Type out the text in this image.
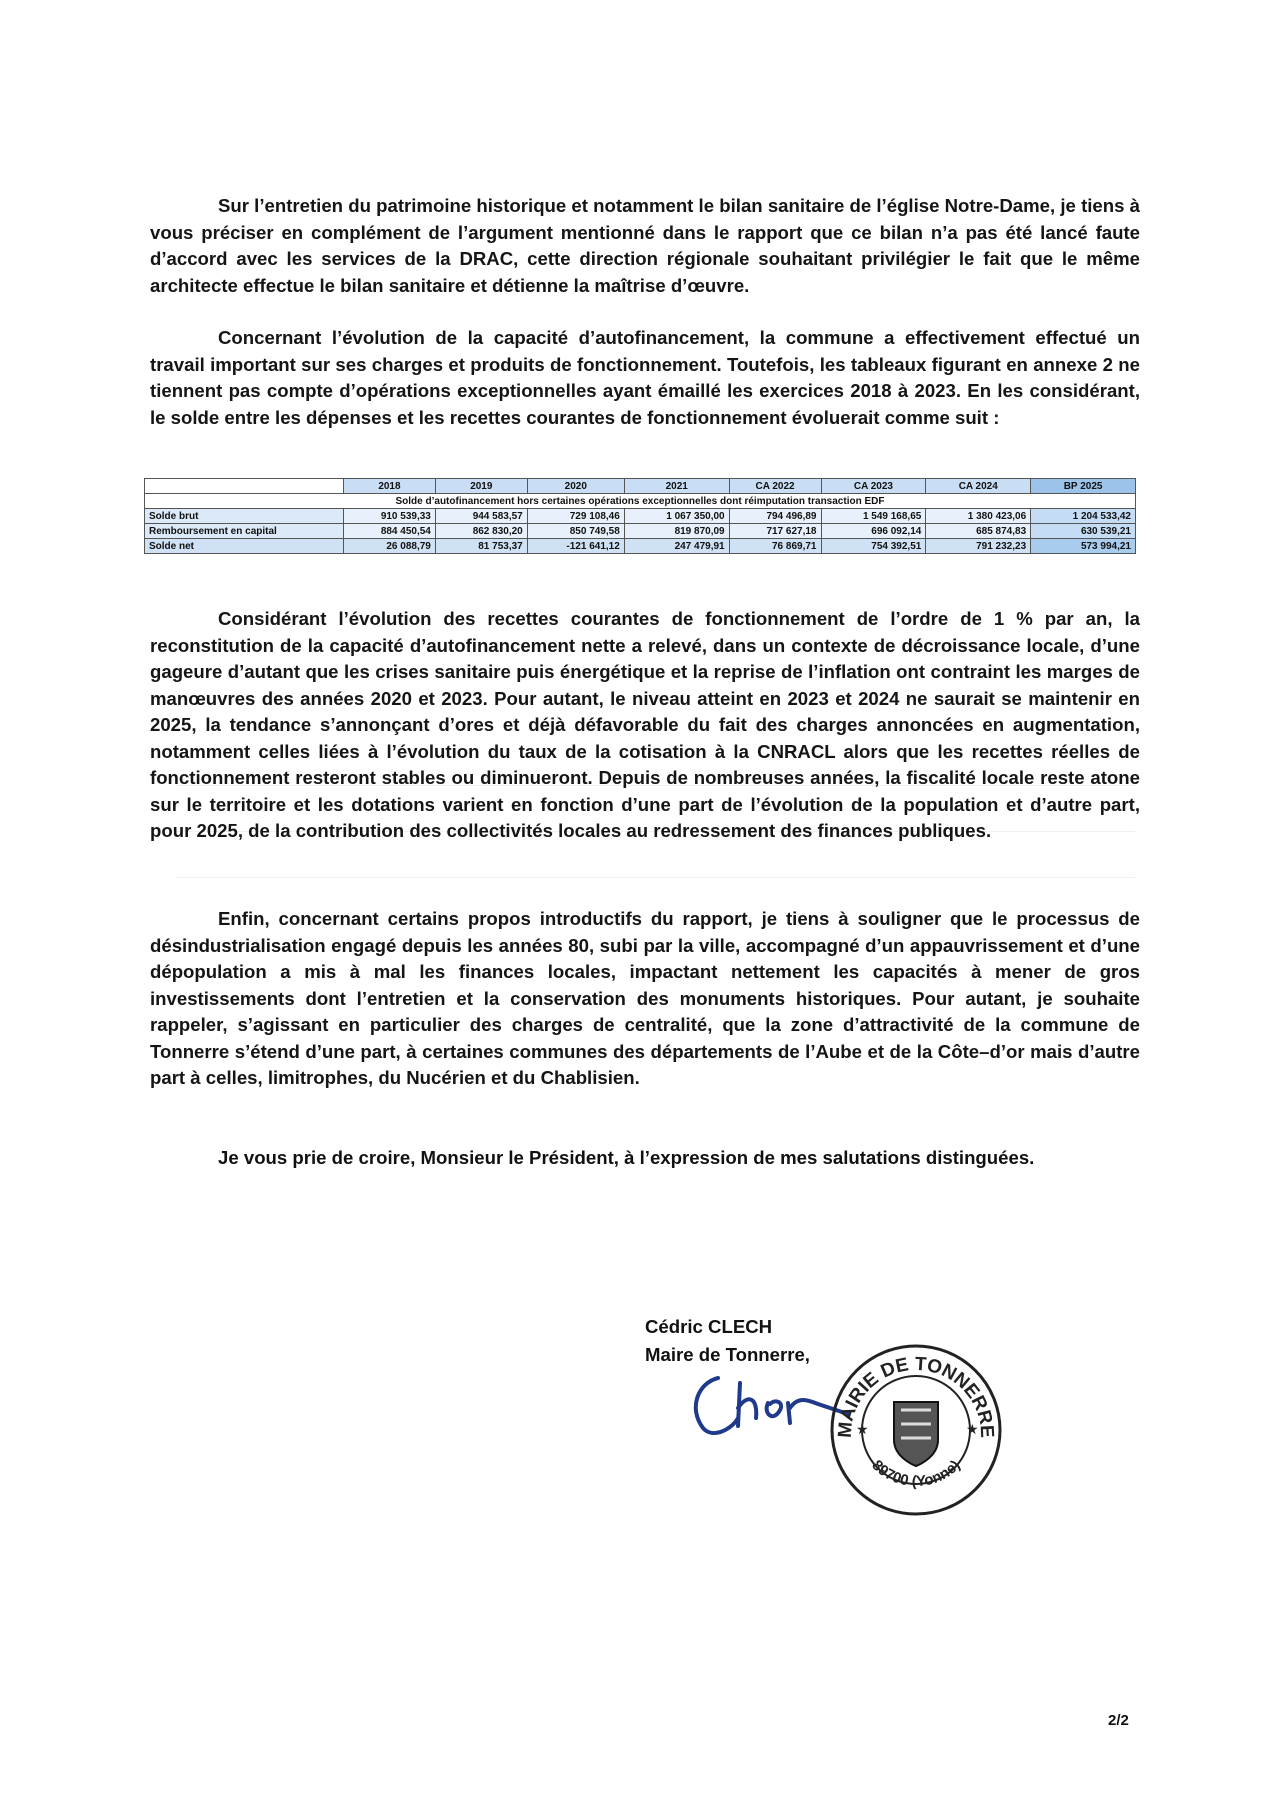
Sur l’entretien du patrimoine historique et notamment le bilan sanitaire de l’église Notre-Dame, je tiens à vous préciser en complément de l’argument mentionné dans le rapport que ce bilan n’a pas été lancé faute d’accord avec les services de la DRAC, cette direction régionale souhaitant privilégier le fait que le même architecte effectue le bilan sanitaire et détienne la maîtrise d’œuvre.
Concernant l’évolution de la capacité d’autofinancement, la commune a effectivement effectué un travail important sur ses charges et produits de fonctionnement. Toutefois, les tableaux figurant en annexe 2 ne tiennent pas compte d’opérations exceptionnelles ayant émaillé les exercices 2018 à 2023. En les considérant, le solde entre les dépenses et les recettes courantes de fonctionnement évoluerait comme suit :
	2018	2019	2020	2021	CA 2022	CA 2023	CA 2024	BP 2025
Solde d’autofinancement hors certaines opérations exceptionnelles dont réimputation transaction EDF								
Solde brut	910 539,33	944 583,57	729 108,46	1 067 350,00	794 496,89	1 549 168,65	1 380 423,06	1 204 533,42
Remboursement en capital	884 450,54	862 830,20	850 749,58	819 870,09	717 627,18	696 092,14	685 874,83	630 539,21
Solde net	26 088,79	81 753,37	-121 641,12	247 479,91	76 869,71	754 392,51	791 232,23	573 994,21
Considérant l’évolution des recettes courantes de fonctionnement de l’ordre de 1 % par an, la reconstitution de la capacité d’autofinancement nette a relevé, dans un contexte de décroissance locale, d’une gageure d’autant que les crises sanitaire puis énergétique et la reprise de l’inflation ont contraint les marges de manœuvres des années 2020 et 2023. Pour autant, le niveau atteint en 2023 et 2024 ne saurait se maintenir en 2025, la tendance s’annonçant d’ores et déjà défavorable du fait des charges annoncées en augmentation, notamment celles liées à l’évolution du taux de la cotisation à la CNRACL alors que les recettes réelles de fonctionnement resteront stables ou diminueront. Depuis de nombreuses années, la fiscalité locale reste atone sur le territoire et les dotations varient en fonction d’une part de l’évolution de la population et d’autre part, pour 2025, de la contribution des collectivités locales au redressement des finances publiques.
Enfin, concernant certains propos introductifs du rapport, je tiens à souligner que le processus de désindustrialisation engagé depuis les années 80, subi par la ville, accompagné d’un appauvrissement et d’une dépopulation a mis à mal les finances locales, impactant nettement les capacités à mener de gros investissements dont l’entretien et la conservation des monuments historiques. Pour autant, je souhaite rappeler, s’agissant en particulier des charges de centralité, que la zone d’attractivité de la commune de Tonnerre s’étend d’une part, à certaines communes des départements de l’Aube et de la Côte–d’or mais d’autre part à celles, limitrophes, du Nucérien et du Chablisien.
Je vous prie de croire, Monsieur le Président, à l’expression de mes salutations distinguées.
Cédric CLECH
Maire de Tonnerre,
MAIRIE DE TONNERRE
89700 (Yonne)
★	★
2/2
